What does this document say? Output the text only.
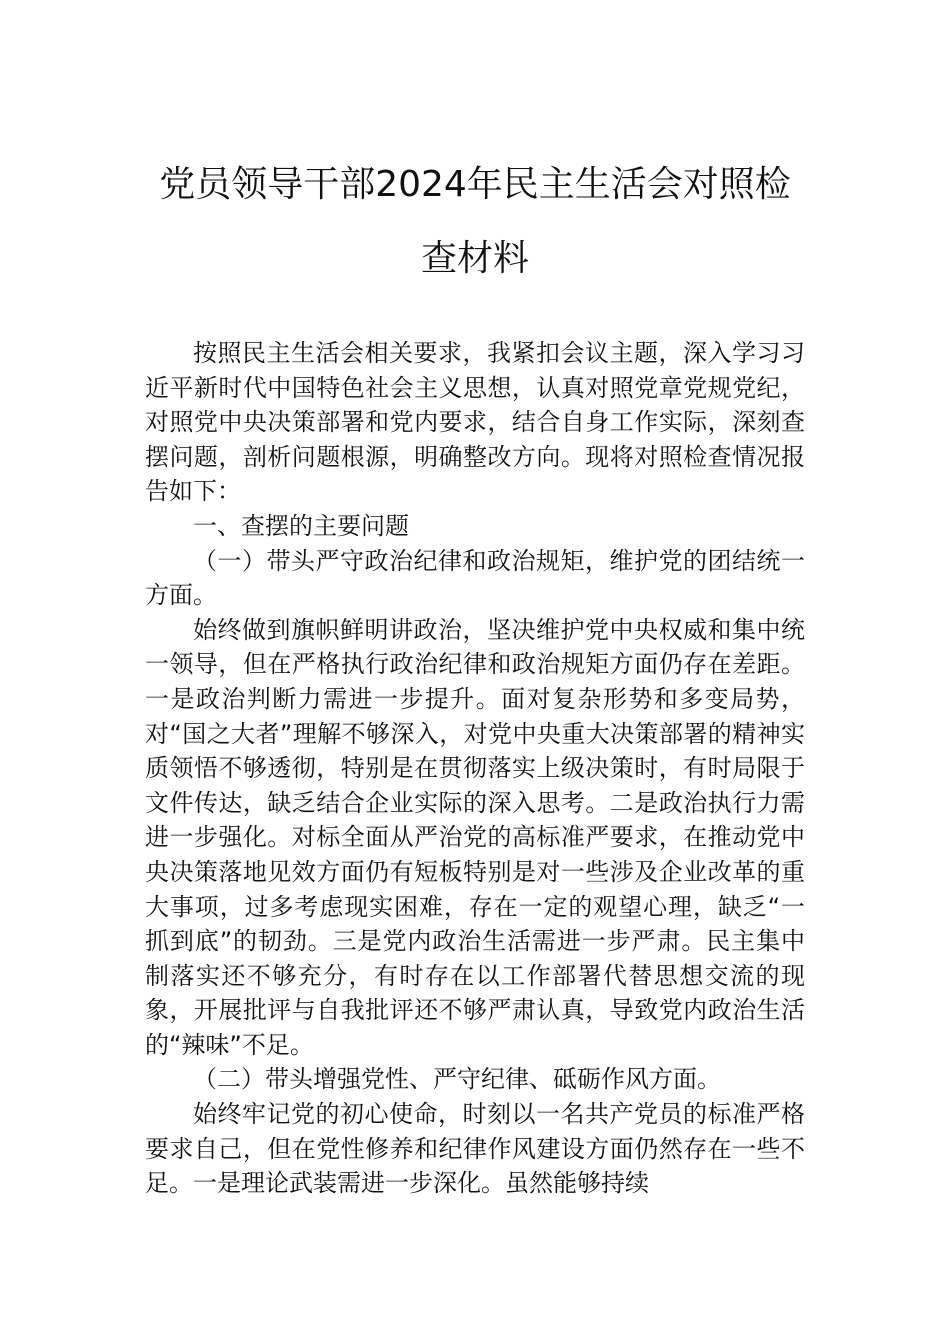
党员领导干部2024年民主生活会对照检
查材料

按照民主生活会相关要求，我紧扣会议主题，深入学习习近平新时代中国特色社会主义思想，认真对照党章党规党纪，对照党中央决策部署和党内要求，结合自身工作实际，深刻查摆问题，剖析问题根源，明确整改方向。现将对照检查情况报告如下：

一、查摆的主要问题

（一）带头严守政治纪律和政治规矩，维护党的团结统一方面。

始终做到旗帜鲜明讲政治，坚决维护党中央权威和集中统一领导，但在严格执行政治纪律和政治规矩方面仍存在差距。一是政治判断力需进一步提升。面对复杂形势和多变局势，对“国之大者”理解不够深入，对党中央重大决策部署的精神实质领悟不够透彻，特别是在贯彻落实上级决策时，有时局限于文件传达，缺乏结合企业实际的深入思考。二是政治执行力需进一步强化。对标全面从严治党的高标准严要求，在推动党中央决策落地见效方面仍有短板特别是对一些涉及企业改革的重大事项，过多考虑现实困难，存在一定的观望心理，缺乏“一抓到底”的韧劲。三是党内政治生活需进一步严肃。民主集中制落实还不够充分，有时存在以工作部署代替思想交流的现象，开展批评与自我批评还不够严肃认真，导致党内政治生活的“辣味”不足。

（二）带头增强党性、严守纪律、砥砺作风方面。

始终牢记党的初心使命，时刻以一名共产党员的标准严格要求自己，但在党性修养和纪律作风建设方面仍然存在一些不足。一是理论武装需进一步深化。虽然能够持续
